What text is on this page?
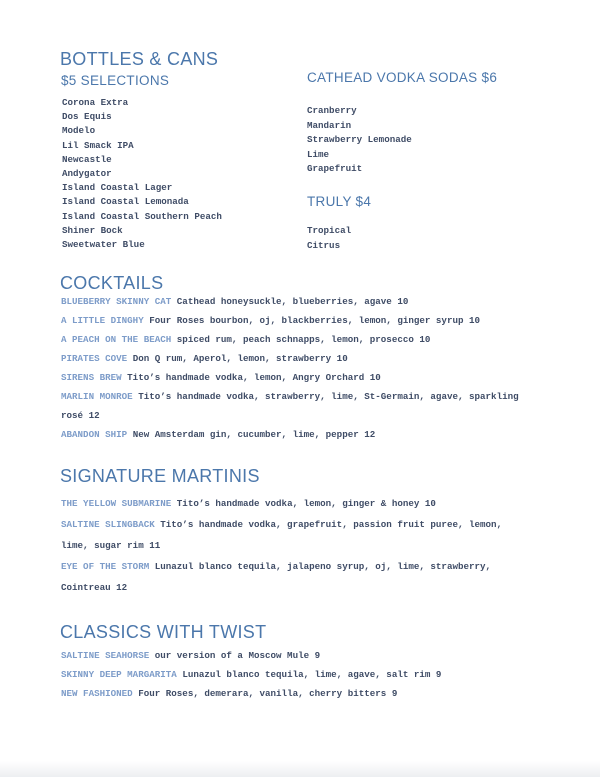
BOTTLES & CANS
$5 SELECTIONS
Corona Extra
Dos Equis
Modelo
Lil Smack IPA
Newcastle
Andygator
Island Coastal Lager
Island Coastal Lemonada
Island Coastal Southern Peach
Shiner Bock
Sweetwater Blue
CATHEAD VODKA SODAS $6
Cranberry
Mandarin
Strawberry Lemonade
Lime
Grapefruit
TRULY $4
Tropical
Citrus
COCKTAILS

BLUEBERRY SKINNY CAT Cathead honeysuckle, blueberries, agave 10

A LITTLE DINGHY Four Roses bourbon, oj, blackberries, lemon, ginger syrup 10

A PEACH ON THE BEACH spiced rum, peach schnapps, lemon, prosecco 10

PIRATES COVE Don Q rum, Aperol, lemon, strawberry 10

SIRENS BREW Tito’s handmade vodka, lemon, Angry Orchard 10

MARLIN MONROE Tito’s handmade vodka, strawberry, lime, St-Germain, agave, sparkling rosé 12

ABANDON SHIP New Amsterdam gin, cucumber, lime, pepper 12

SIGNATURE MARTINIS

THE YELLOW SUBMARINE Tito’s handmade vodka, lemon, ginger & honey 10

SALTINE SLINGBACK Tito’s handmade vodka, grapefruit, passion fruit puree, lemon, lime, sugar rim 11

EYE OF THE STORM Lunazul blanco tequila, jalapeno syrup, oj, lime, strawberry, Cointreau 12

CLASSICS WITH TWIST

SALTINE SEAHORSE our version of a Moscow Mule 9

SKINNY DEEP MARGARITA Lunazul blanco tequila, lime, agave, salt rim 9

NEW FASHIONED Four Roses, demerara, vanilla, cherry bitters 9
